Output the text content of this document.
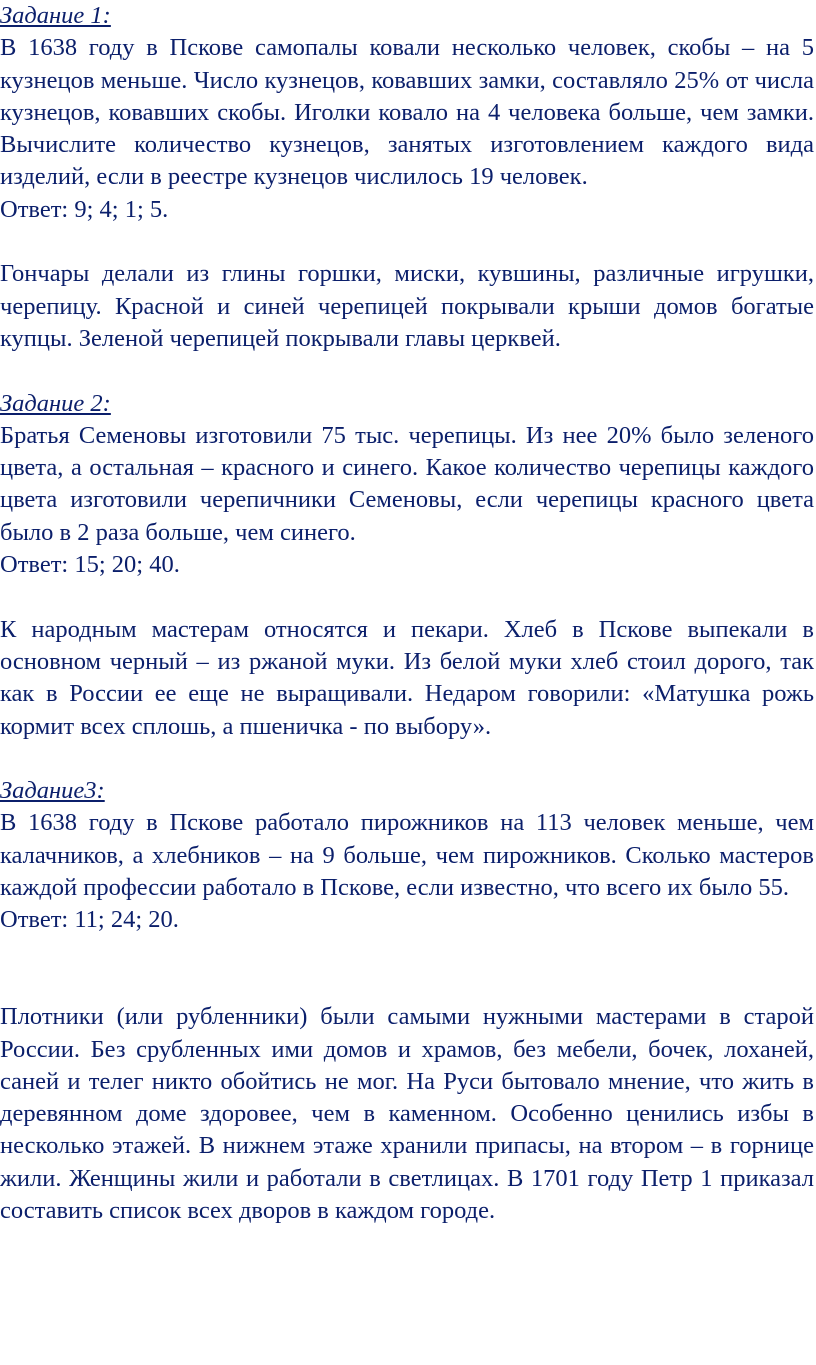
Задание 1:
В 1638 году в Пскове самопалы ковали несколько человек, скобы – на 5 кузнецов меньше. Число кузнецов, ковавших замки, составляло 25% от числа кузнецов, ковавших скобы. Иголки ковало на 4 человека больше, чем замки. Вычислите количество кузнецов, занятых изготовлением каждого вида изделий, если в реестре кузнецов числилось 19 человек.
Ответ: 9; 4; 1; 5.
Гончары делали из глины горшки, миски, кувшины, различные игрушки, черепицу. Красной и синей черепицей покрывали крыши домов богатые купцы. Зеленой черепицей покрывали главы церквей.
Задание 2:
Братья Семеновы изготовили 75 тыс. черепицы. Из нее 20% было зеленого цвета, а остальная – красного и синего. Какое количество черепицы каждого цвета изготовили черепичники Семеновы, если черепицы красного цвета было в 2 раза больше, чем синего.
Ответ: 15; 20; 40.
К народным мастерам относятся и пекари. Хлеб в Пскове выпекали в основном черный – из ржаной муки. Из белой муки хлеб стоил дорого, так как в России ее еще не выращивали. Недаром говорили: «Матушка рожь кормит всех сплошь, а пшеничка - по выбору».
Задание3:
В 1638 году в Пскове работало пирожников на 113 человек меньше, чем калачников, а хлебников – на 9 больше, чем пирожников. Сколько мастеров каждой профессии работало в Пскове, если известно, что всего их было 55.
Ответ: 11; 24; 20.
Плотники (или рубленники) были самыми нужными мастерами в старой России. Без срубленных ими домов и храмов, без мебели, бочек, лоханей, саней и телег никто обойтись не мог. На Руси бытовало мнение, что жить в деревянном доме здоровее, чем в каменном. Особенно ценились избы в несколько этажей. В нижнем этаже хранили припасы, на втором – в горнице жили. Женщины жили и работали в светлицах. В 1701 году Петр 1 приказал составить список всех дворов в каждом городе.
